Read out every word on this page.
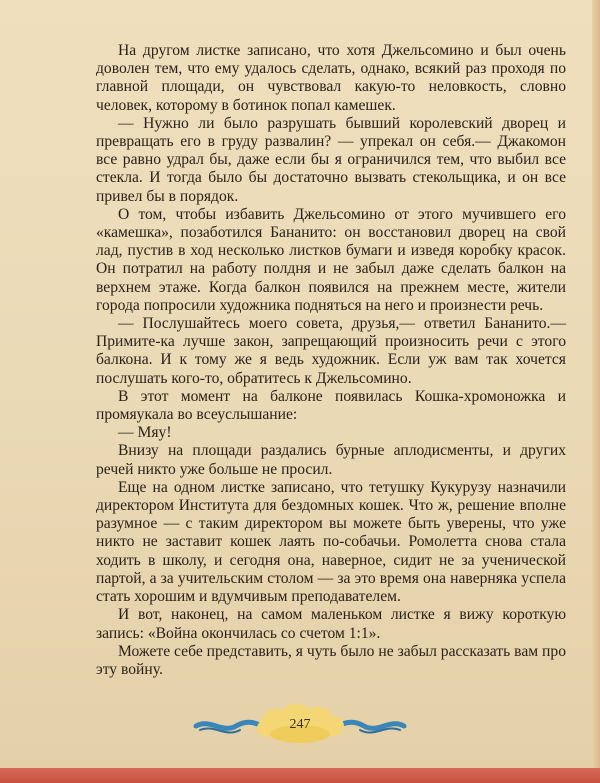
На другом листке записано, что хотя Джельсомино и был очень доволен тем, что ему удалось сделать, однако, всякий раз проходя по главной площади, он чувствовал какую-то неловкость, словно человек, которому в ботинок попал камешек.

— Нужно ли было разрушать бывший королевский дворец и превращать его в груду развалин? — упрекал он себя.— Джакомон все равно удрал бы, даже если бы я ограничился тем, что выбил все стекла. И тогда было бы достаточно вызвать стекольщика, и он все привел бы в порядок.

О том, чтобы избавить Джельсомино от этого мучившего его «камешка», позаботился Бананито: он восстановил дворец на свой лад, пустив в ход несколько листков бумаги и изведя коробку красок. Он потратил на работу полдня и не забыл даже сделать балкон на верхнем этаже. Когда балкон появился на прежнем месте, жители города попросили художника подняться на него и произнести речь.

— Послушайтесь моего совета, друзья,— ответил Бананито.— Примите-ка лучше закон, запрещающий произносить речи с этого балкона. И к тому же я ведь художник. Если уж вам так хочется послушать кого-то, обратитесь к Джельсомино.

В этот момент на балконе появилась Кошка-хромоножка и промяукала во всеуслышание:

— Мяу!

Внизу на площади раздались бурные аплодисменты, и других речей никто уже больше не просил.

Еще на одном листке записано, что тетушку Кукурузу назначили директором Института для бездомных кошек. Что ж, решение вполне разумное — с таким директором вы можете быть уверены, что уже никто не заставит кошек лаять по-собачьи. Ромолетта снова стала ходить в школу, и сегодня она, наверное, сидит не за ученической партой, а за учительским столом — за это время она наверняка успела стать хорошим и вдумчивым преподавателем.

И вот, наконец, на самом маленьком листке я вижу короткую запись: «Война окончилась со счетом 1:1».

Можете себе представить, я чуть было не забыл рассказать вам про эту войну.

247
